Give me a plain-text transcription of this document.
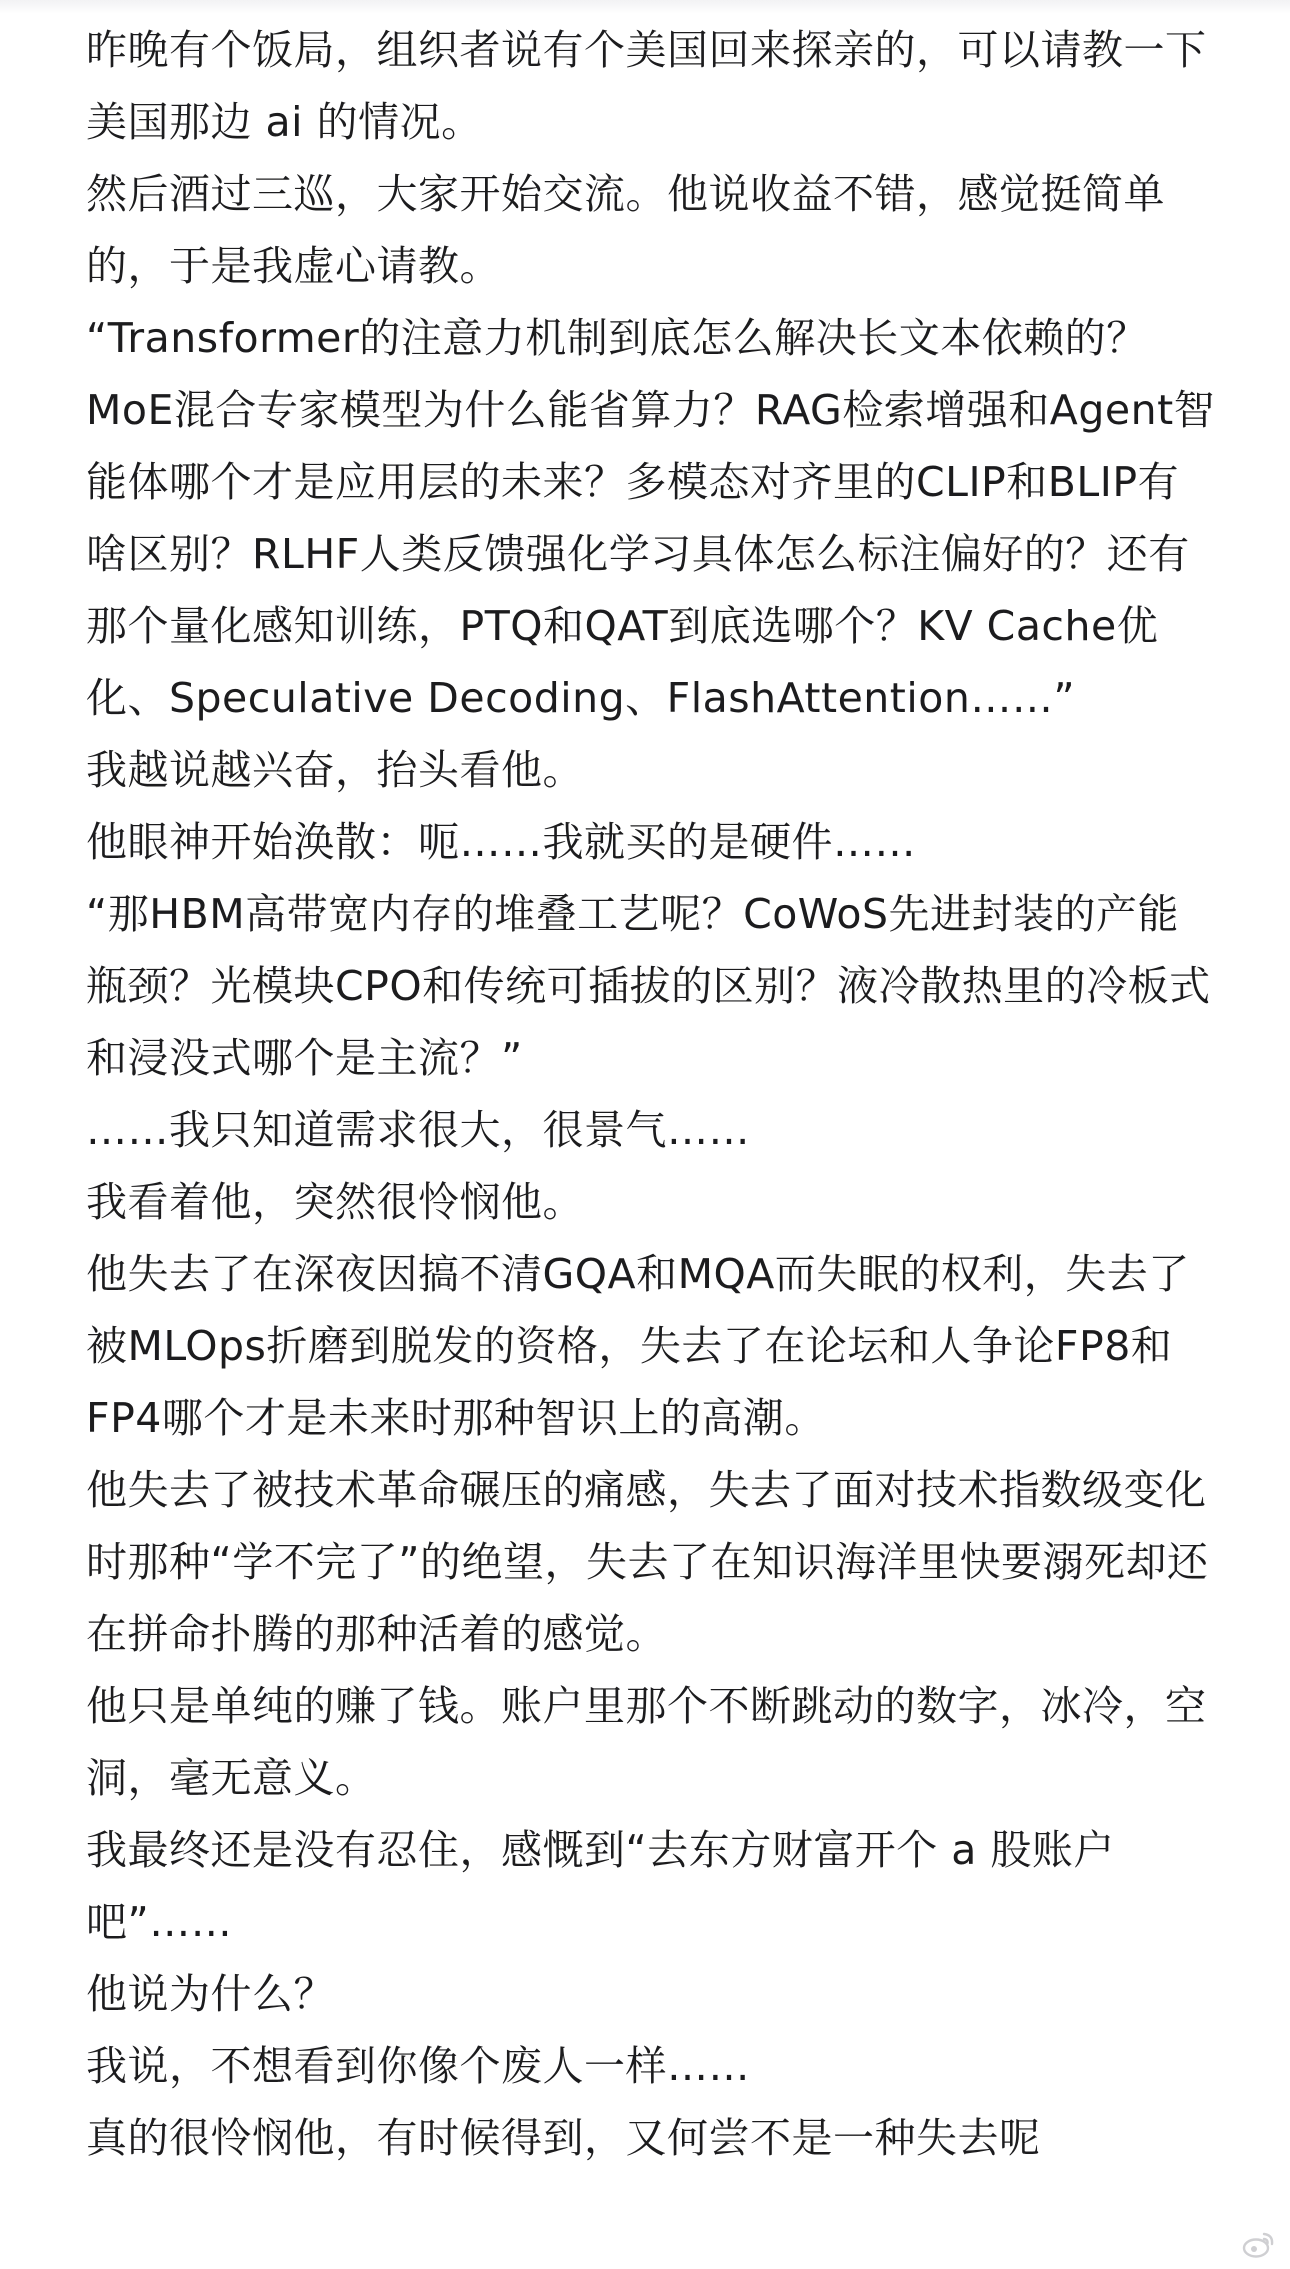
昨晚有个饭局，组织者说有个美国回来探亲的，可以请教一下美国那边 ai 的情况。

然后酒过三巡，大家开始交流。他说收益不错，感觉挺简单的，于是我虚心请教。

“Transformer的注意力机制到底怎么解决长文本依赖的？MoE混合专家模型为什么能省算力？RAG检索增强和Agent智能体哪个才是应用层的未来？多模态对齐里的CLIP和BLIP有啥区别？RLHF人类反馈强化学习具体怎么标注偏好的？还有那个量化感知训练，PTQ和QAT到底选哪个？KV Cache优化、Speculative Decoding、FlashAttention……”

我越说越兴奋，抬头看他。

他眼神开始涣散：呃……我就买的是硬件……

“那HBM高带宽内存的堆叠工艺呢？CoWoS先进封装的产能瓶颈？光模块CPO和传统可插拔的区别？液冷散热里的冷板式和浸没式哪个是主流？”

……我只知道需求很大，很景气……

我看着他，突然很怜悯他。

他失去了在深夜因搞不清GQA和MQA而失眠的权利，失去了被MLOps折磨到脱发的资格，失去了在论坛和人争论FP8和FP4哪个才是未来时那种智识上的高潮。

他失去了被技术革命碾压的痛感，失去了面对技术指数级变化时那种“学不完了”的绝望，失去了在知识海洋里快要溺死却还在拼命扑腾的那种活着的感觉。

他只是单纯的赚了钱。账户里那个不断跳动的数字，冰冷，空洞，毫无意义。

我最终还是没有忍住，感慨到“去东方财富开个 a 股账户吧”……

他说为什么？

我说，不想看到你像个废人一样……

真的很怜悯他，有时候得到，又何尝不是一种失去呢
